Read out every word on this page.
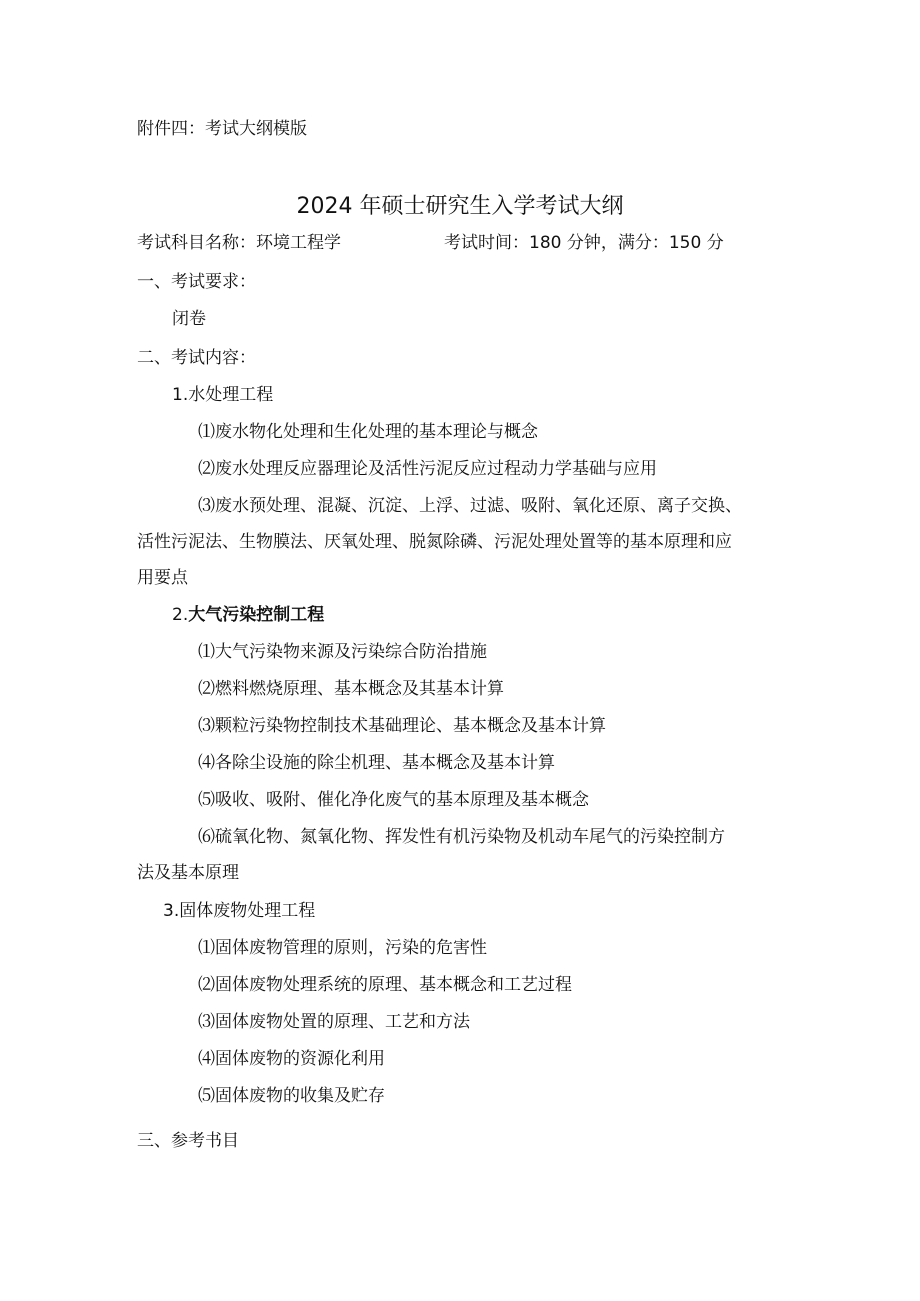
附件四：考试大纲模版
2024 年硕士研究生入学考试大纲
考试科目名称：环境工程学	考试时间：180 分钟，满分：150 分
一、考试要求：
闭卷
二、考试内容：
1.水处理工程
⑴废水物化处理和生化处理的基本理论与概念
⑵废水处理反应器理论及活性污泥反应过程动力学基础与应用
⑶废水预处理、混凝、沉淀、上浮、过滤、吸附、氧化还原、离子交换、
活性污泥法、生物膜法、厌氧处理、脱氮除磷、污泥处理处置等的基本原理和应
用要点
2.大气污染控制工程
⑴大气污染物来源及污染综合防治措施
⑵燃料燃烧原理、基本概念及其基本计算
⑶颗粒污染物控制技术基础理论、基本概念及基本计算
⑷各除尘设施的除尘机理、基本概念及基本计算
⑸吸收、吸附、催化净化废气的基本原理及基本概念
⑹硫氧化物、氮氧化物、挥发性有机污染物及机动车尾气的污染控制方
法及基本原理
3.固体废物处理工程
⑴固体废物管理的原则，污染的危害性
⑵固体废物处理系统的原理、基本概念和工艺过程
⑶固体废物处置的原理、工艺和方法
⑷固体废物的资源化利用
⑸固体废物的收集及贮存
三、参考书目
